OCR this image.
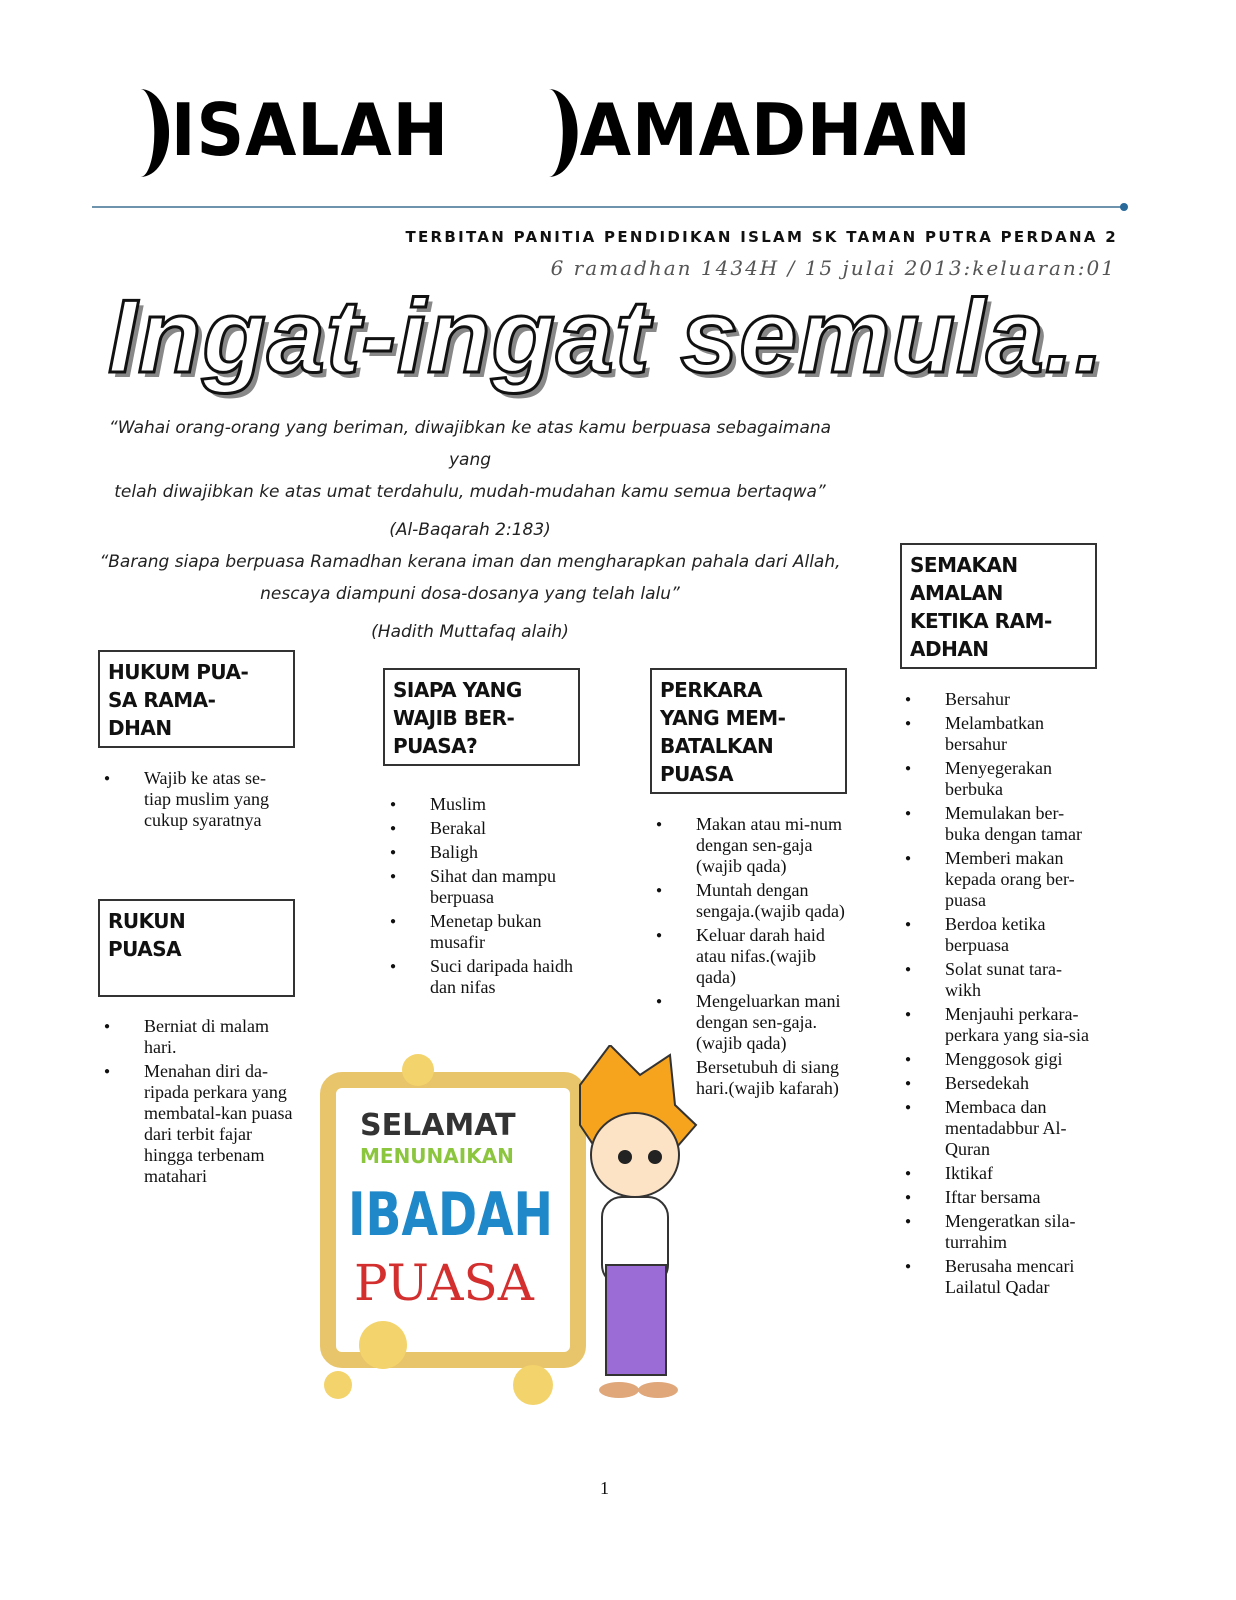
ISALAH AMADHAN
TERBITAN PANITIA PENDIDIKAN ISLAM SK TAMAN PUTRA PERDANA 2
6 ramadhan 1434H / 15 julai 2013:keluaran:01
Ingat-ingat semula..
“Wahai orang-orang yang beriman, diwajibkan ke atas kamu berpuasa sebagaimana yang
telah diwajibkan ke atas umat terdahulu, mudah-mudahan kamu semua bertaqwa”
(Al-Baqarah 2:183)
“Barang siapa berpuasa Ramadhan kerana iman dan mengharapkan pahala dari Allah,
nescaya diampuni dosa-dosanya yang telah lalu”
(Hadith Muttafaq alaih)
HUKUM PUA-
SA RAMA-
DHAN
● Wajib ke atas se-tiap muslim yang cukup syaratnya
RUKUN
PUASA
● Berniat di malam hari.
● Menahan diri da-ripada perkara yang membatal-kan puasa dari terbit fajar hingga terbenam matahari
SIAPA YANG
WAJIB BER-
PUASA?
● Muslim
● Berakal
● Baligh
● Sihat dan mampu berpuasa
● Menetap bukan musafir
● Suci daripada haidh dan nifas
PERKARA
YANG MEM-
BATALKAN
PUASA
● Makan atau mi-num dengan sen-gaja (wajib qada)
● Muntah dengan sengaja.(wajib qada)
● Keluar darah haid atau nifas.(wajib qada)
● Mengeluarkan mani dengan sen-gaja.(wajib qada)
● Bersetubuh di siang hari.(wajib kafarah)
SEMAKAN
AMALAN
KETIKA RAM-
ADHAN
● Bersahur
● Melambatkan bersahur
● Menyegerakan berbuka
● Memulakan ber-buka dengan tamar
● Memberi makan kepada orang ber-puasa
● Berdoa ketika berpuasa
● Solat sunat tara-wikh
● Menjauhi perkara-perkara yang sia-sia
● Menggosok gigi
● Bersedekah
● Membaca dan mentadabbur Al-Quran
● Iktikaf
● Iftar bersama
● Mengeratkan sila-turrahim
● Berusaha mencari Lailatul Qadar
SELAMAT
MENUNAIKAN
IBADAH
PUASA
1
